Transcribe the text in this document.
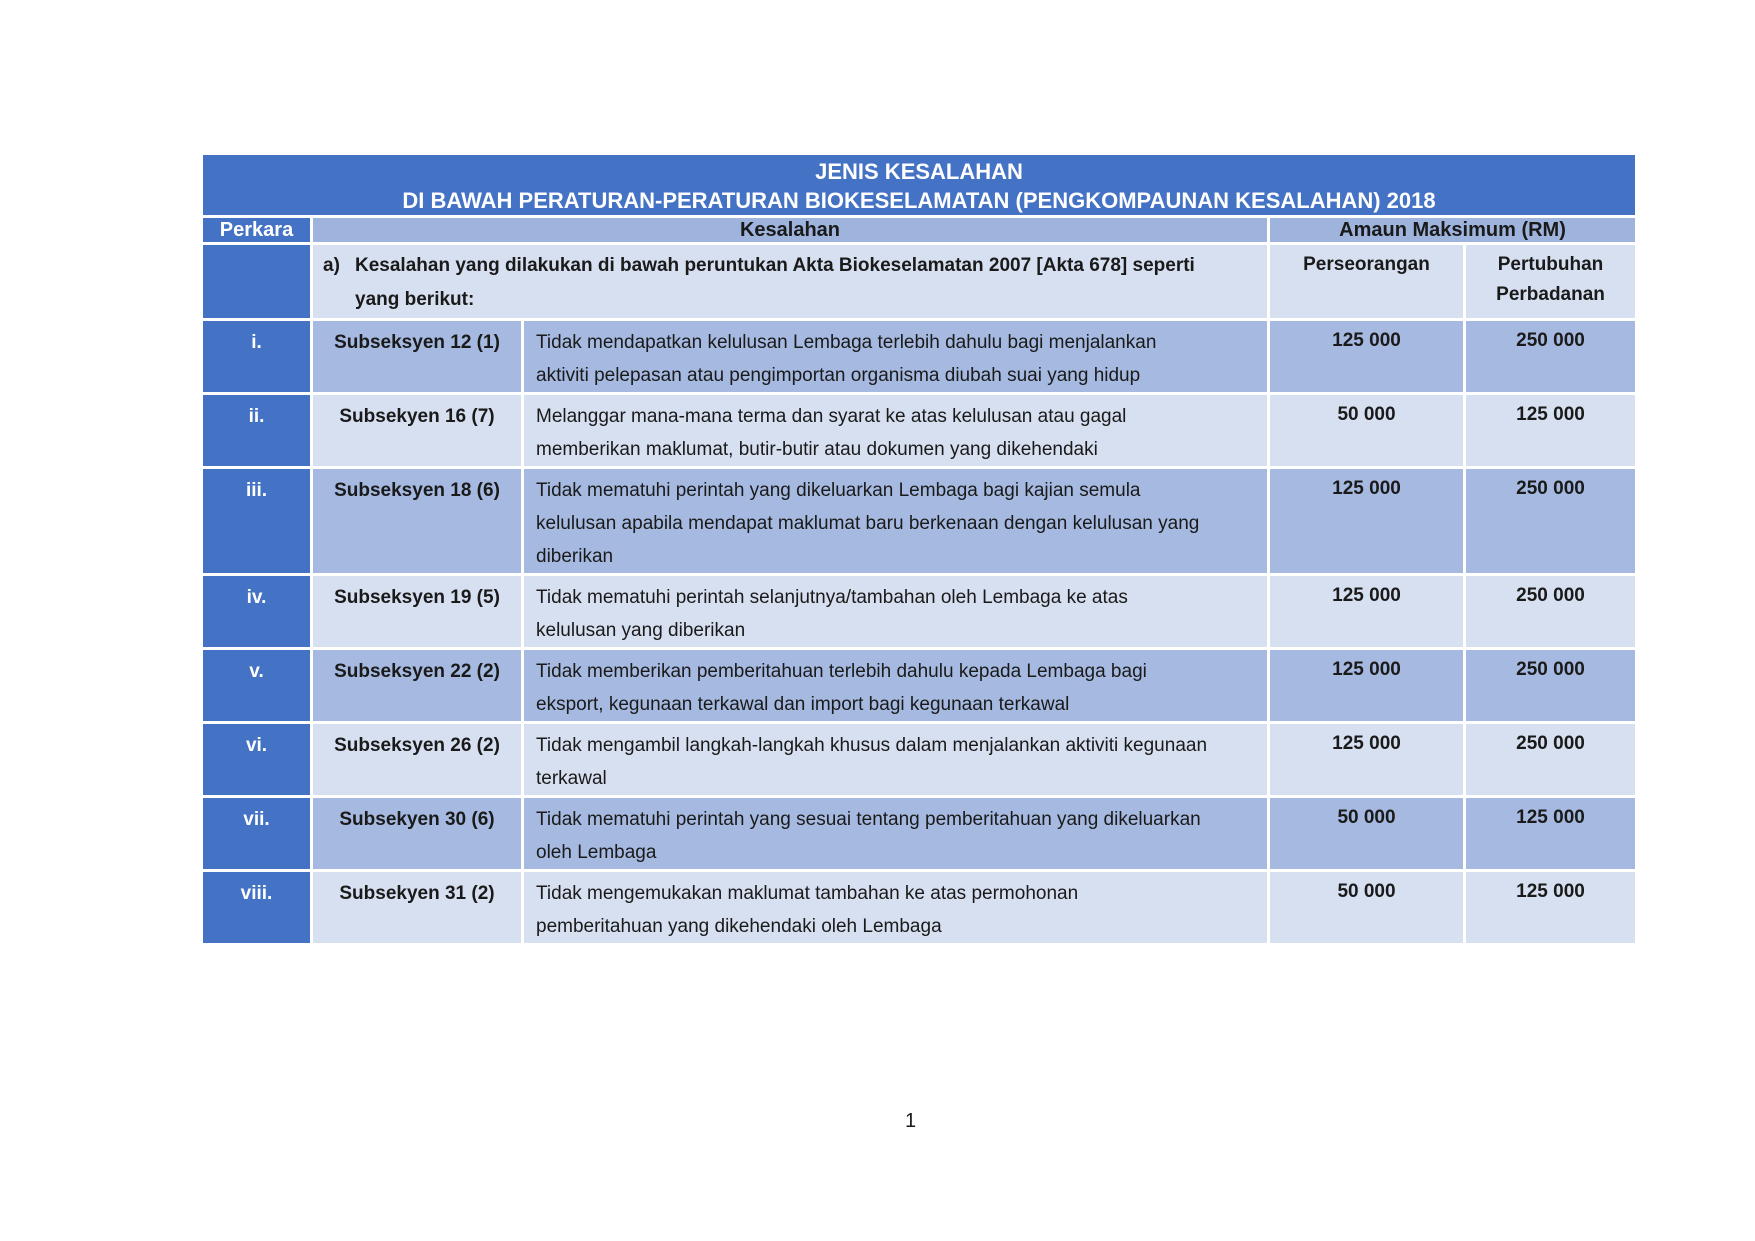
JENIS KESALAHAN
DI BAWAH PERATURAN-PERATURAN BIOKESELAMATAN (PENGKOMPAUNAN KESALAHAN) 2018				

Perkara	Kesalahan		Amaun Maksimum (RM)	

	a) Kesalahan yang dilakukan di bawah peruntukan Akta Biokeselamatan 2007 [Akta 678] seperti
yang berikut:		Perseorangan	Pertubuhan Perbadanan
i.	Subseksyen 12 (1)	Tidak mendapatkan kelulusan Lembaga terlebih dahulu bagi menjalankan
aktiviti pelepasan atau pengimportan organisma diubah suai yang hidup	125 000	250 000
ii.	Subsekyen 16 (7)	Melanggar mana-mana terma dan syarat ke atas kelulusan atau gagal
memberikan maklumat, butir-butir atau dokumen yang dikehendaki	50 000	125 000
iii.	Subseksyen 18 (6)	Tidak mematuhi perintah yang dikeluarkan Lembaga bagi kajian semula
kelulusan apabila mendapat maklumat baru berkenaan dengan kelulusan yang
diberikan	125 000	250 000
iv.	Subseksyen 19 (5)	Tidak mematuhi perintah selanjutnya/tambahan oleh Lembaga ke atas
kelulusan yang diberikan	125 000	250 000
v.	Subseksyen 22 (2)	Tidak memberikan pemberitahuan terlebih dahulu kepada Lembaga bagi
eksport, kegunaan terkawal dan import bagi kegunaan terkawal	125 000	250 000
vi.	Subseksyen 26 (2)	Tidak mengambil langkah-langkah khusus dalam menjalankan aktiviti kegunaan
terkawal	125 000	250 000
vii.	Subsekyen 30 (6)	Tidak mematuhi perintah yang sesuai tentang pemberitahuan yang dikeluarkan
oleh Lembaga	50 000	125 000
viii.	Subsekyen 31 (2)	Tidak mengemukakan maklumat tambahan ke atas permohonan
pemberitahuan yang dikehendaki oleh Lembaga	50 000	125 000
1
